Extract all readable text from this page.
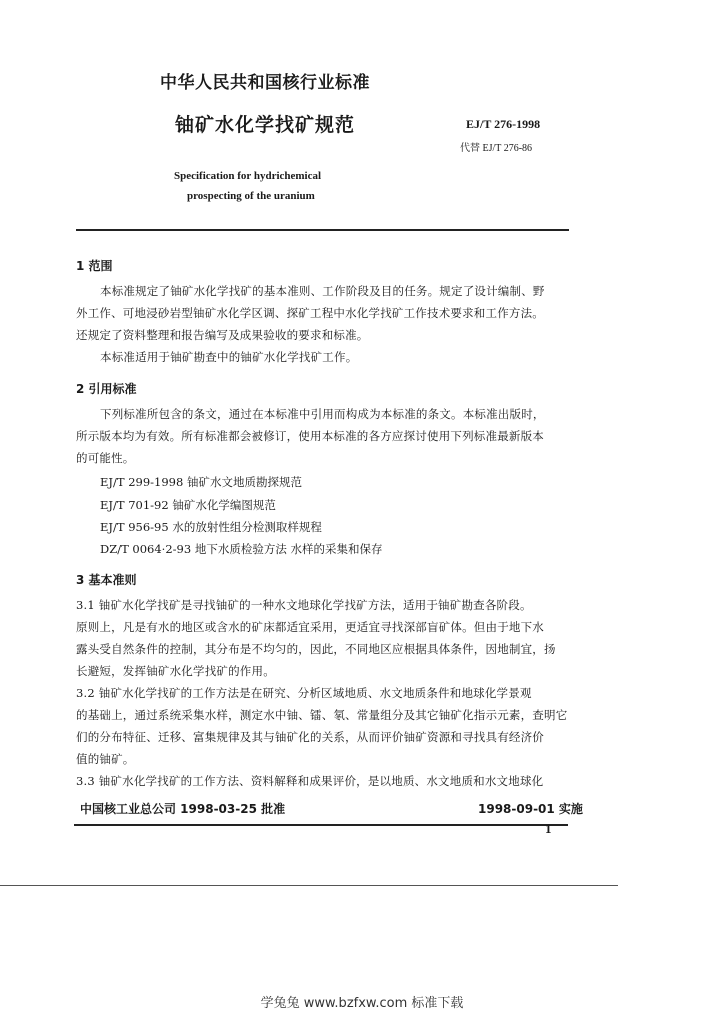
中华人民共和国核行业标准
铀矿水化学找矿规范	EJ/T 276-1998
代替 EJ/T 276-86
Specification for hydrichemical
prospecting of the uranium
1 范围
本标准规定了铀矿水化学找矿的基本准则、工作阶段及目的任务。规定了设计编制、野
外工作、可地浸砂岩型铀矿水化学区调、探矿工程中水化学找矿工作技术要求和工作方法。
还规定了资料整理和报告编写及成果验收的要求和标准。
本标准适用于铀矿勘查中的铀矿水化学找矿工作。
2 引用标准
下列标准所包含的条文，通过在本标准中引用而构成为本标准的条文。本标准出版时，
所示版本均为有效。所有标准都会被修订，使用本标准的各方应探讨使用下列标准最新版本
的可能性。
EJ/T 299-1998 铀矿水文地质勘探规范
EJ/T 701-92 铀矿水化学编图规范
EJ/T 956-95 水的放射性组分检测取样规程
DZ/T 0064·2-93 地下水质检验方法 水样的采集和保存
3 基本准则
3.1 铀矿水化学找矿是寻找铀矿的一种水文地球化学找矿方法，适用于铀矿勘查各阶段。
原则上，凡是有水的地区或含水的矿床都适宜采用，更适宜寻找深部盲矿体。但由于地下水
露头受自然条件的控制，其分布是不均匀的，因此，不同地区应根据具体条件，因地制宜，扬
长避短，发挥铀矿水化学找矿的作用。
3.2 铀矿水化学找矿的工作方法是在研究、分析区域地质、水文地质条件和地球化学景观
的基础上，通过系统采集水样，测定水中铀、镭、氡、常量组分及其它铀矿化指示元素，查明它
们的分布特征、迁移、富集规律及其与铀矿化的关系，从而评价铀矿资源和寻找具有经济价
值的铀矿。
3.3 铀矿水化学找矿的工作方法、资料解释和成果评价，是以地质、水文地质和水文地球化
中国核工业总公司 1998-03-25 批准	1998-09-01 实施
1
学兔兔 www.bzfxw.com 标准下载
